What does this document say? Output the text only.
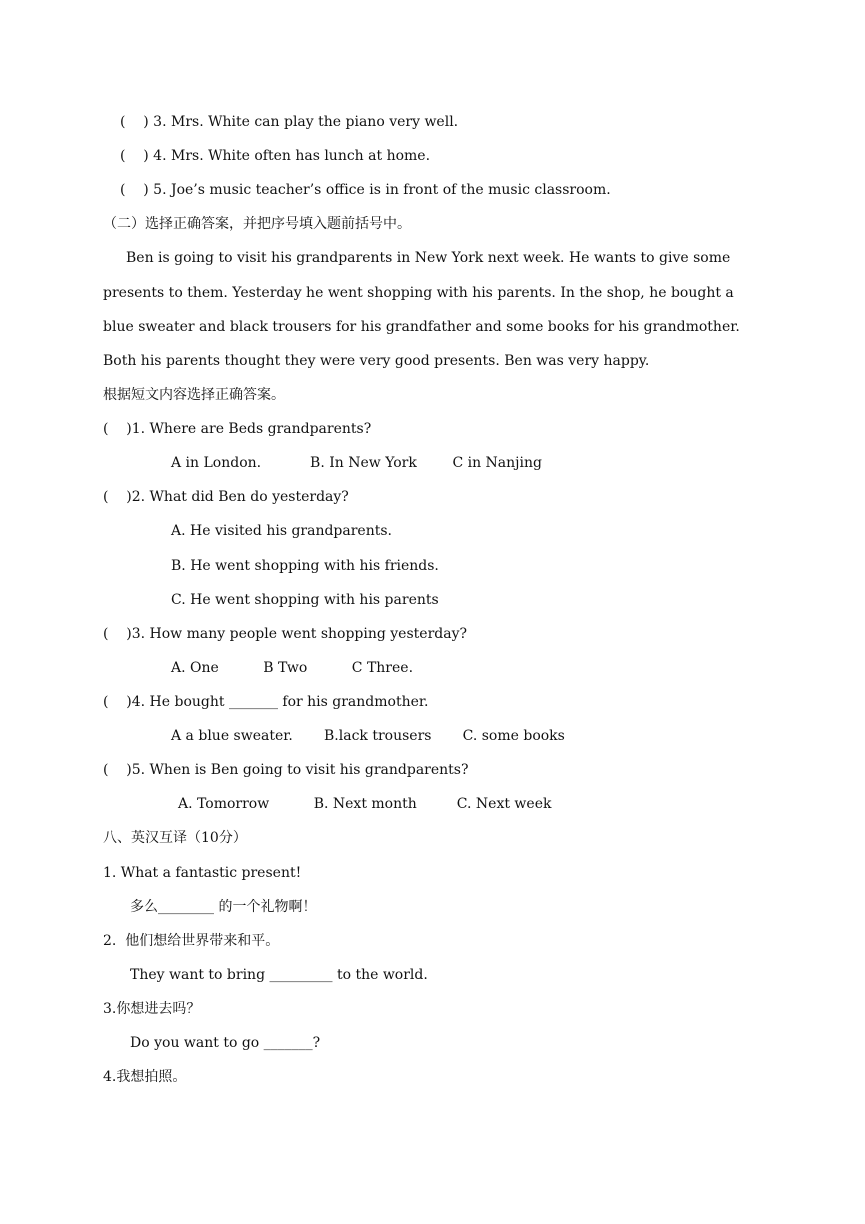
(    ) 3. Mrs. White can play the piano very well.
(    ) 4. Mrs. White often has lunch at home.
(    ) 5. Joe’s music teacher’s office is in front of the music classroom.
（二）选择正确答案，并把序号填入题前括号中。
Ben is going to visit his grandparents in New York next week. He wants to give some
presents to them. Yesterday he went shopping with his parents. In the shop, he bought a
blue sweater and black trousers for his grandfather and some books for his grandmother.
Both his parents thought they were very good presents. Ben was very happy.
根据短文内容选择正确答案。
(    )1. Where are Beds grandparents?
A in London.           B. In New York        C in Nanjing
(    )2. What did Ben do yesterday?
A. He visited his grandparents.
B. He went shopping with his friends.
C. He went shopping with his parents
(    )3. How many people went shopping yesterday?
A. One          B Two          C Three.
(    )4. He bought _______ for his grandmother.
A a blue sweater.       B.lack trousers       C. some books
(    )5. When is Ben going to visit his grandparents?
A. Tomorrow          B. Next month         C. Next week
八、英汉互译（10分）
1. What a fantastic present!
多么________ 的一个礼物啊！
2.  他们想给世界带来和平。
They want to bring _________ to the world.
3.你想进去吗？
Do you want to go _______?
4.我想拍照。
